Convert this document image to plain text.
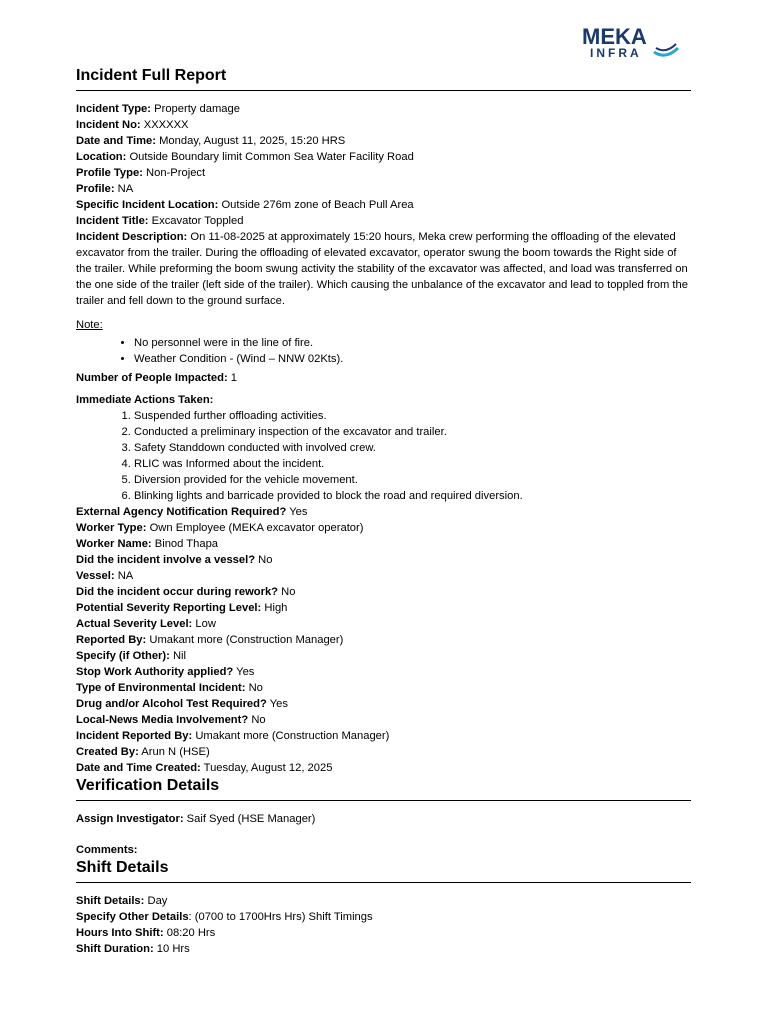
MEKA
INFRA
Incident Full Report
Incident Type: Property damage
Incident No: XXXXXX
Date and Time: Monday, August 11, 2025, 15:20 HRS
Location: Outside Boundary limit Common Sea Water Facility Road
Profile Type: Non-Project
Profile: NA
Specific Incident Location: Outside 276m zone of Beach Pull Area
Incident Title: Excavator Toppled
Incident Description: On 11-08-2025 at approximately 15:20 hours, Meka crew performing the offloading of the elevated excavator from the trailer. During the offloading of elevated excavator, operator swung the boom towards the Right side of the trailer. While preforming the boom swung activity the stability of the excavator was affected, and load was transferred on the one side of the trailer (left side of the trailer). Which causing the unbalance of the excavator and lead to toppled from the trailer and fell down to the ground surface.
Note:
• No personnel were in the line of fire.
• Weather Condition - (Wind – NNW 02Kts).
Number of People Impacted: 1
Immediate Actions Taken:
1. Suspended further offloading activities.
2. Conducted a preliminary inspection of the excavator and trailer.
3. Safety Standdown conducted with involved crew.
4. RLIC was Informed about the incident.
5. Diversion provided for the vehicle movement.
6. Blinking lights and barricade provided to block the road and required diversion.
External Agency Notification Required? Yes
Worker Type: Own Employee (MEKA excavator operator)
Worker Name: Binod Thapa
Did the incident involve a vessel? No
Vessel: NA
Did the incident occur during rework? No
Potential Severity Reporting Level: High
Actual Severity Level: Low
Reported By: Umakant more (Construction Manager)
Specify (if Other): Nil
Stop Work Authority applied? Yes
Type of Environmental Incident: No
Drug and/or Alcohol Test Required? Yes
Local-News Media Involvement? No
Incident Reported By: Umakant more (Construction Manager)
Created By: Arun N (HSE)
Date and Time Created: Tuesday, August 12, 2025
Verification Details
Assign Investigator: Saif Syed (HSE Manager)
Comments:
Shift Details
Shift Details: Day
Specify Other Details: (0700 to 1700Hrs Hrs) Shift Timings
Hours Into Shift: 08:20 Hrs
Shift Duration: 10 Hrs
